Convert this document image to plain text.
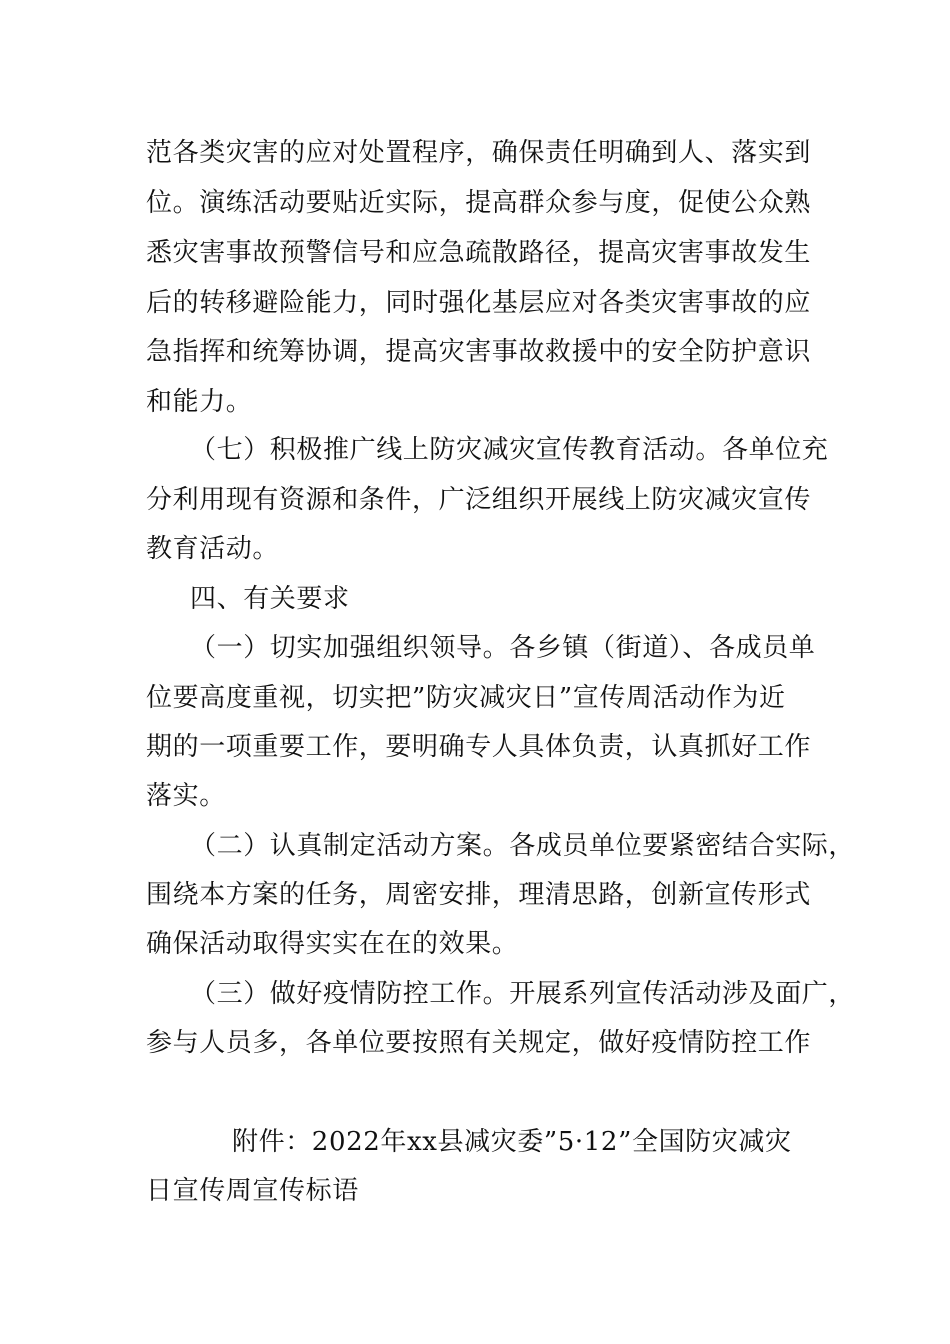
范各类灾害的应对处置程序，确保责任明确到人、落实到
位。演练活动要贴近实际，提高群众参与度，促使公众熟
悉灾害事故预警信号和应急疏散路径，提高灾害事故发生
后的转移避险能力，同时强化基层应对各类灾害事故的应
急指挥和统筹协调，提高灾害事故救援中的安全防护意识
和能力。
（七）积极推广线上防灾减灾宣传教育活动。各单位充
分利用现有资源和条件，广泛组织开展线上防灾减灾宣传
教育活动。
四、有关要求
（一）切实加强组织领导。各乡镇（街道）、各成员单
位要高度重视，切实把”防灾减灾日”宣传周活动作为近
期的一项重要工作，要明确专人具体负责，认真抓好工作
落实。
（二）认真制定活动方案。各成员单位要紧密结合实际，
围绕本方案的任务，周密安排，理清思路，创新宣传形式
确保活动取得实实在在的效果。
（三）做好疫情防控工作。开展系列宣传活动涉及面广，
参与人员多，各单位要按照有关规定，做好疫情防控工作
附件：2022年xx县减灾委”5·12”全国防灾减灾
日宣传周宣传标语
